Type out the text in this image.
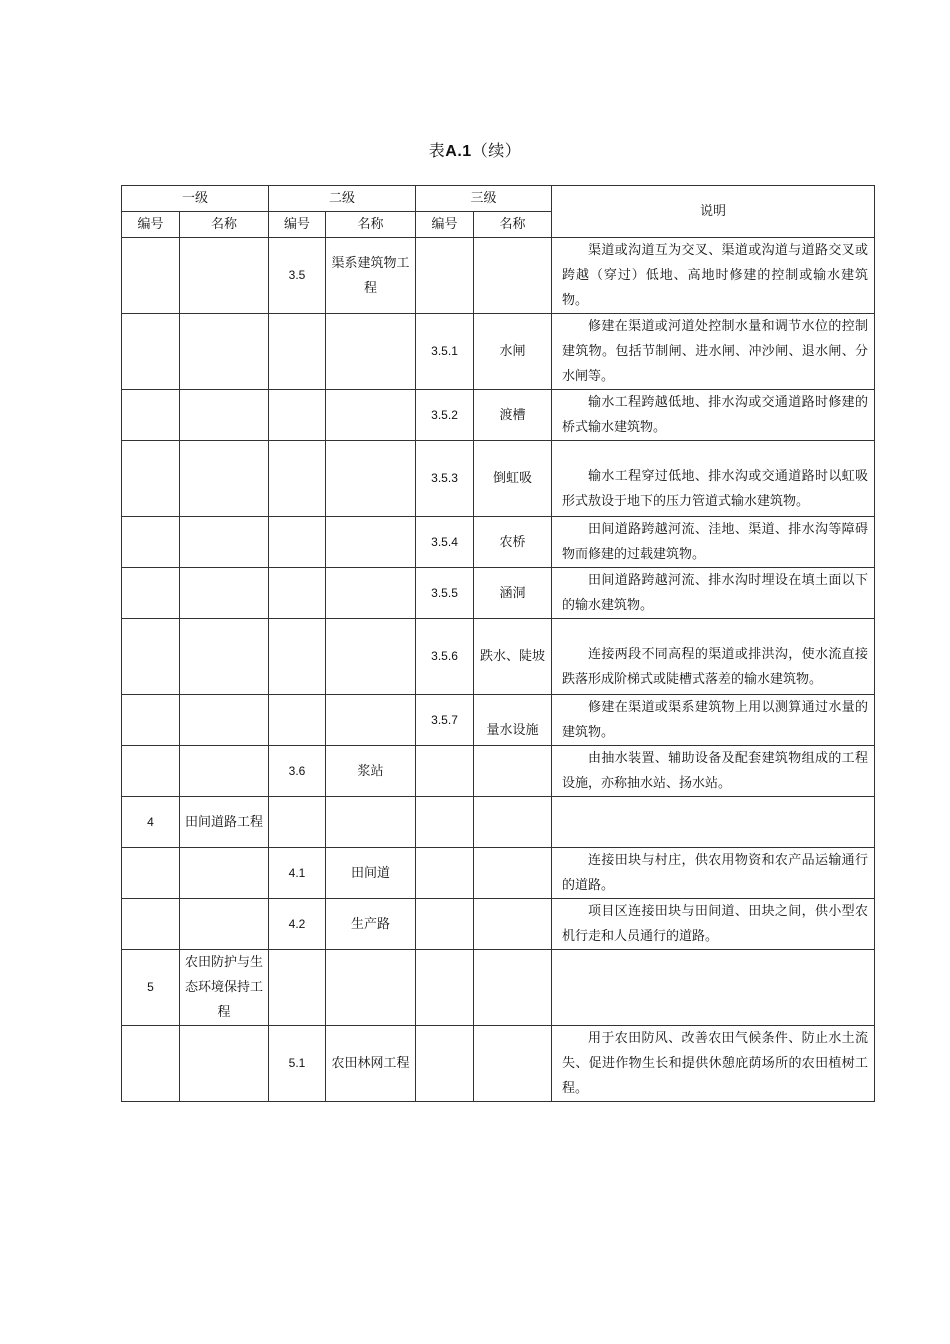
表A.1（续）
一级		二级		三级		说明
编号	名称	编号	名称	编号	名称	
		3.5	渠系建筑物工程			渠道或沟道互为交叉、渠道或沟道与道路交叉或跨越（穿过）低地、高地时修建的控制或输水建筑物。

				3.5.1	水闸	修建在渠道或河道处控制水量和调节水位的控制建筑物。包括节制闸、进水闸、冲沙闸、退水闸、分水闸等。

				3.5.2	渡槽	输水工程跨越低地、排水沟或交通道路时修建的桥式输水建筑物。

				3.5.3	倒虹吸	输水工程穿过低地、排水沟或交通道路时以虹吸形式敖设于地下的压力管道式输水建筑物。

				3.5.4	农桥	田间道路跨越河流、洼地、渠道、排水沟等障碍物而修建的过载建筑物。

				3.5.5	涵洞	田间道路跨越河流、排水沟时埋设在填土面以下的输水建筑物。

				3.5.6	跌水、陡坡	连接两段不同高程的渠道或排洪沟，使水流直接跌落形成阶梯式或陡槽式落差的输水建筑物。

				3.5.7	量水设施	修建在渠道或渠系建筑物上用以测算通过水量的建筑物。

		3.6	浆站			由抽水装置、辅助设备及配套建筑物组成的工程设施，亦称抽水站、扬水站。

4	田间道路工程					

		4.1	田间道			连接田块与村庄，供农用物资和农产品运输通行的道路。

		4.2	生产路			项目区连接田块与田间道、田块之间，供小型农机行走和人员通行的道路。

5	农田防护与生态环境保持工程					

		5.1	农田林网工程			用于农田防风、改善农田气候条件、防止水土流失、促进作物生长和提供休憩庇荫场所的农田植树工程。
